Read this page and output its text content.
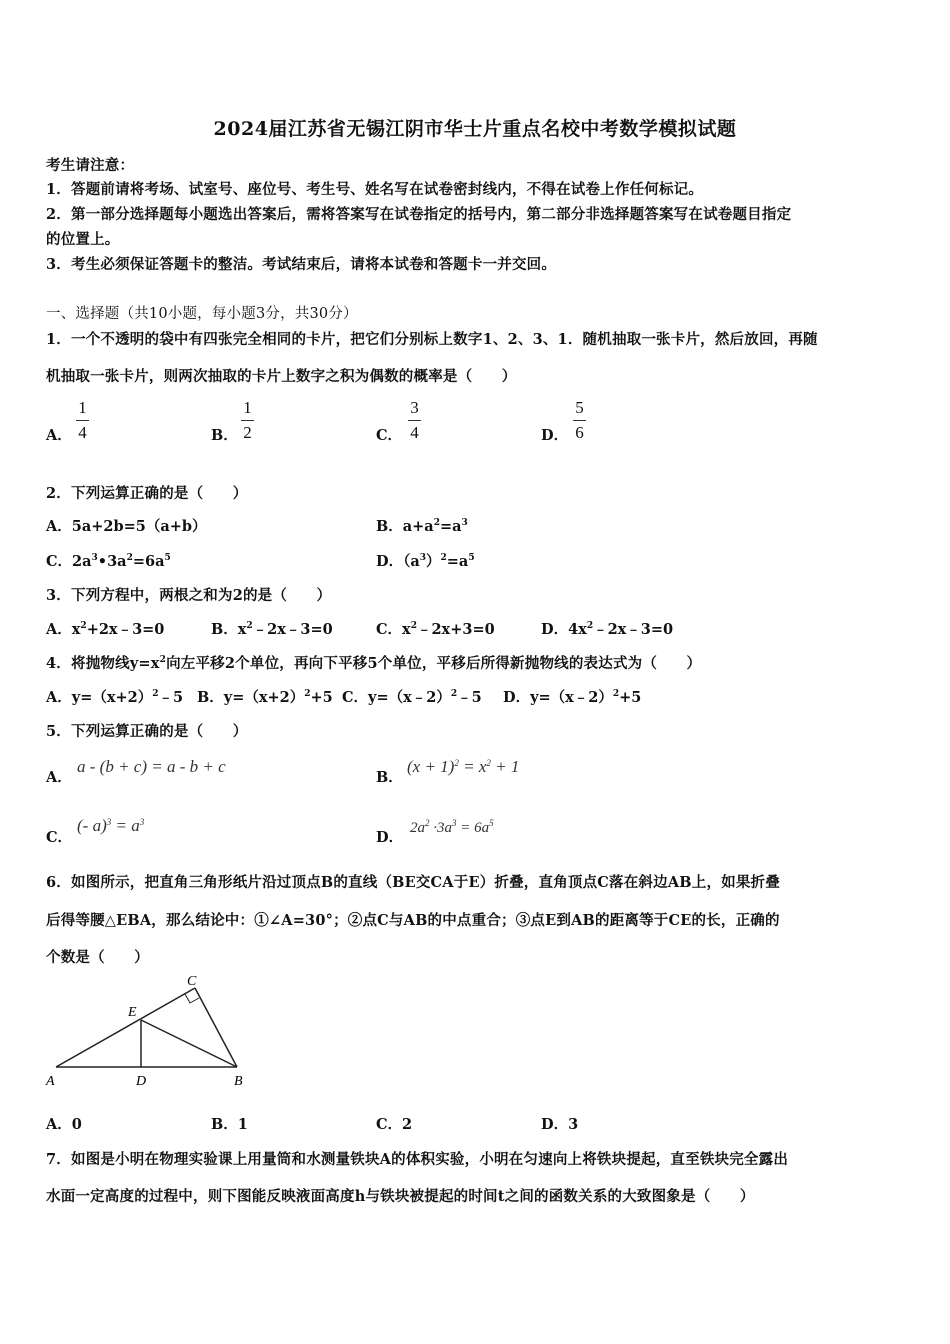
2024届江苏省无锡江阴市华士片重点名校中考数学模拟试题
考生请注意：
1．答题前请将考场、试室号、座位号、考生号、姓名写在试卷密封线内，不得在试卷上作任何标记。
2．第一部分选择题每小题选出答案后，需将答案写在试卷指定的括号内，第二部分非选择题答案写在试卷题目指定
的位置上。
3．考生必须保证答题卡的整洁。考试结束后，请将本试卷和答题卡一并交回。
一、选择题（共10小题，每小题3分，共30分）
1．一个不透明的袋中有四张完全相同的卡片，把它们分别标上数字1、2、3、1．随机抽取一张卡片，然后放回，再随
机抽取一张卡片，则两次抽取的卡片上数字之积为偶数的概率是（　　）
A．
1
4	B．
1
2	C．
3
4	D．
5
6
2．下列运算正确的是（　　）
A．5a+2b=5（a+b）	B．$a+a^2=a^3$
C．$2a^3•3a^2=6a^5$	D．$(a^3)^2=a^5$
3．下列方程中，两根之和为2的是（　　）
A．$x^2+2x﹣3=0$	B．$x^2﹣2x﹣3=0$	C．$x^2﹣2x+3=0$	D．$4x^2﹣2x﹣3=0$
4．将抛物线$y=x^2$向左平移2个单位，再向下平移5个单位，平移后所得新抛物线的表达式为（　　）
A．$y=(x+2)^2﹣5$ B．$y=(x+2)^2+5$ C．y=（x﹣2）$^2$﹣5 D．y=（x﹣2）$^2$+5
5．下列运算正确的是（　　）
A．
a - (b + c) = a - b + c
B．
$(x + 1)^2 = x^2 + 1$
C．
(- $a)^3 = a^3$
D．
$2a^2 \cdot 3a^3 = 6a^5$
6．如图所示，把直角三角形纸片沿过顶点B的直线（BE交CA于E）折叠，直角顶点C落在斜边AB上，如果折叠
后得等腰△EBA，那么结论中：①∠A=30°；②点C与AB的中点重合；③点E到AB的距离等于CE的长，正确的
个数是（　　）
C
E
A	D	B
A．0	B．1	C．2	D．3
7．如图是小明在物理实验课上用量筒和水测量铁块A的体积实验，小明在匀速向上将铁块提起，直至铁块完全露出
水面一定高度的过程中，则下图能反映液面高度h与铁块被提起的时间t之间的函数关系的大致图象是（　　）
